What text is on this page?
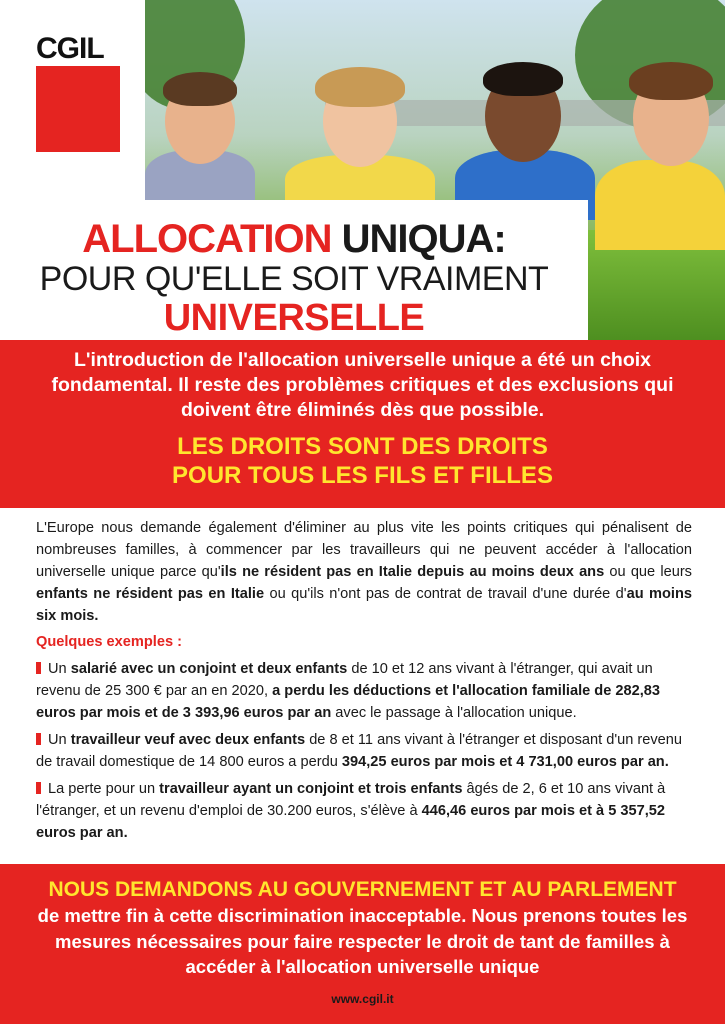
CGIL
ALLOCATION UNIQUA:
POUR QU'ELLE SOIT VRAIMENT
UNIVERSELLE
L'introduction de l'allocation universelle unique a été un choix fondamental. Il reste des problèmes critiques et des exclusions qui doivent être éliminés dès que possible.
LES DROITS SONT DES DROITS
POUR TOUS LES FILS ET FILLES

L'Europe nous demande également d'éliminer au plus vite les points critiques qui pénalisent de nombreuses familles, à commencer par les travailleurs qui ne peuvent accéder à l'allocation universelle unique parce qu'ils ne résident pas en Italie depuis au moins deux ans ou que leurs enfants ne résident pas en Italie ou qu'ils n'ont pas de contrat de travail d'une durée d'au moins six mois.

Quelques exemples :

Un salarié avec un conjoint et deux enfants de 10 et 12 ans vivant à l'étranger, qui avait un revenu de 25 300 € par an en 2020, a perdu les déductions et l'allocation familiale de 282,83 euros par mois et de 3 393,96 euros par an avec le passage à l'allocation unique.

Un travailleur veuf avec deux enfants de 8 et 11 ans vivant à l'étranger et disposant d'un revenu de travail domestique de 14 800 euros a perdu 394,25 euros par mois et 4 731,00 euros par an.

La perte pour un travailleur ayant un conjoint et trois enfants âgés de 2, 6 et 10 ans vivant à l'étranger, et un revenu d'emploi de 30.200 euros, s'élève à 446,46 euros par mois et à 5 357,52 euros par an.

NOUS DEMANDONS AU GOUVERNEMENT ET AU PARLEMENT
de mettre fin à cette discrimination inacceptable. Nous prenons toutes les mesures nécessaires pour faire respecter le droit de tant de familles à accéder à l'allocation universelle unique
www.cgil.it
